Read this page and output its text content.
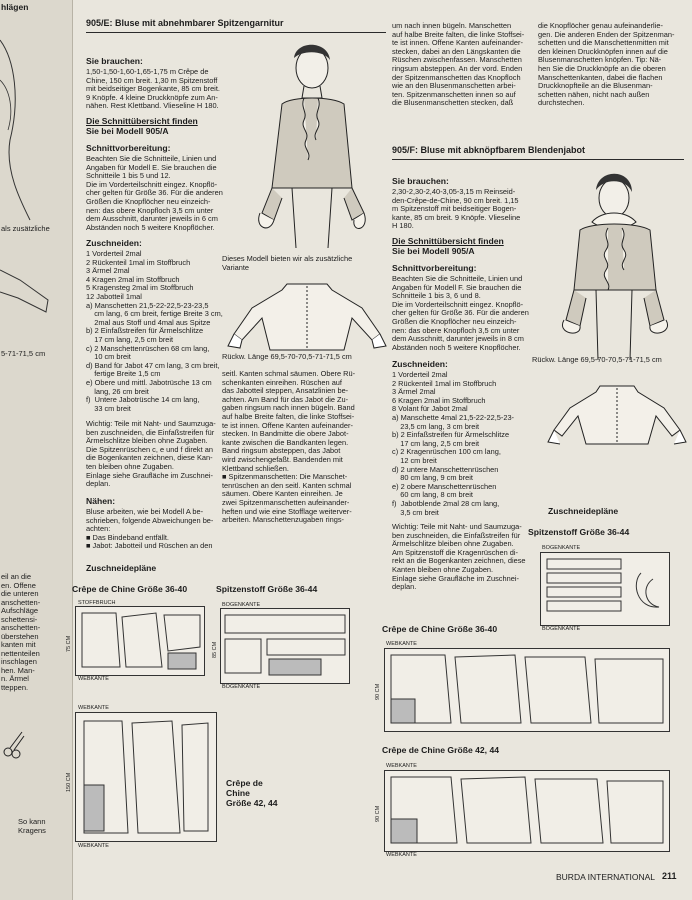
hlägen
als zusätzliche
5-71-71,5 cm
eil an die
en. Offene
die unteren
anschetten-
Aufschläge
schettensi-
anschetten-
überstehen
kanten mit
nettenteilen
inschlagen
hen. Man-
n. Ärmel
tteppen.
So kann
Kragens
905/E: Bluse mit abnehmbarer Spitzengarnitur
Sie brauchen:
1,50-1,50-1,60-1,65-1,75 m Crêpe de
Chine, 150 cm breit. 1,30 m Spitzenstoff
mit beidseitiger Bogenkante, 85 cm breit.
9 Knöpfe. 4 kleine Druckknöpfe zum An-
nähen. Rest Klettband. Vlieseline H 180.
Die Schnittübersicht finden
Sie bei Modell 905/A
Schnittvorbereitung:
Beachten Sie die Schnitteile, Linien und
Angaben für Modell E. Sie brauchen die
Schnitteile 1 bis 5 und 12.
Die im Vorderteilschnitt eingez. Knopflö-
cher gelten für Größe 36. Für die anderen
Größen die Knopflöcher neu einzeich-
nen: das obere Knopfloch 3,5 cm unter
dem Ausschnitt, darunter jeweils in 6 cm
Abständen noch 5 weitere Knopflöcher.
Zuschneiden:
1 Vorderteil 2mal
2 Rückenteil 1mal im Stoffbruch
3 Ärmel 2mal
4 Kragen 2mal im Stoffbruch
5 Kragensteg 2mal im Stoffbruch
12 Jabotteil 1mal
a) Manschetten 21,5-22-22,5-23-23,5
cm lang, 6 cm breit, fertige Breite 3 cm,
2mal aus Stoff und 4mal aus Spitze
b) 2 Einfaßstreifen für Ärmelschlitze
17 cm lang, 2,5 cm breit
c) 2 Manschettenrüschen 68 cm lang,
10 cm breit
d) Band für Jabot 47 cm lang, 3 cm breit,
fertige Breite 1,5 cm
e) Obere und mittl. Jabotrüsche 13 cm
lang, 26 cm breit
f)  Untere Jabotrüsche 14 cm lang,
33 cm breit
Wichtig: Teile mit Naht- und Saumzuga-
ben zuschneiden, die Einfaßstreifen für
Ärmelschlitze bleiben ohne Zugaben.
Die Spitzenrüschen c, e und f direkt an
die Bogenkanten zeichnen, diese Kan-
ten bleiben ohne Zugaben.
Einlage siehe Graufläche im Zuschnei-
deplan.
Nähen:
Bluse arbeiten, wie bei Modell A be-
schrieben, folgende Abweichungen be-
achten:
■ Das Bindeband entfällt.
■ Jabot: Jabotteil und Rüschen an den
Dieses Modell bieten wir als zusätzliche
Variante
Rückw. Länge 69,5-70-70,5-71-71,5 cm
seitl. Kanten schmal säumen. Obere Rü-
schenkanten einreihen. Rüschen auf
das Jabotteil steppen, Ansatzlinien be-
achten. Am Band für das Jabot die Zu-
gaben ringsum nach innen bügeln. Band
auf halbe Breite falten, die linke Stoffsei-
te ist innen. Offene Kanten aufeinander-
stecken. In Bandmitte die obere Jabot-
kante zwischen die Bandkanten legen.
Band ringsum absteppen, das Jabot
wird zwischengefaßt. Bandenden mit
Klettband schließen.
■ Spitzenmanschetten: Die Manschet-
tenrüschen an den seitl. Kanten schmal
säumen. Obere Kanten einreihen. Je
zwei Spitzenmanschetten aufeinander-
heften und wie eine Stofflage weiterver-
arbeiten. Manschettenzugaben rings-
Zuschneidepläne
Crêpe de Chine Größe 36-40	Spitzenstoff Größe 36-44
STOFFBRUCH
WEBKANTE
75 CM
BOGENKANTE
BOGENKANTE
85 CM
WEBKANTE
WEBKANTE
150 CM	Crêpe de
Chine
Größe 42, 44
um nach innen bügeln. Manschetten
auf halbe Breite falten, die linke Stoffsei-
te ist innen. Offene Kanten aufeinander-
stecken, dabei an den Längskanten die
Rüschen zwischenfassen. Manschetten
ringsum absteppen. An der vord. Enden
der Spitzenmanschetten das Knopfloch
wie an den Blusenmanschetten arbei-
ten. Spitzenmanschetten innen so auf
die Blusenmanschetten stecken, daß
die Knopflöcher genau aufeinanderlie-
gen. Die anderen Enden der Spitzenman-
schetten und die Manschettenmitten mit
den kleinen Druckknöpfen innen auf die
Blusenmanschetten knöpfen. Tip: Nä-
hen Sie die Druckknöpfe an die oberen
Manschettenkanten, dabei die flachen
Druckknopfteile an die Blusenman-
schetten nähen, nicht nach außen
durchstechen.
905/F: Bluse mit abknöpfbarem Blendenjabot
Sie brauchen:
2,30-2,30-2,40-3,05-3,15 m Reinseid-
den-Crêpe-de-Chine, 90 cm breit. 1,15
m Spitzenstoff mit beidseitiger Bogen-
kante, 85 cm breit. 9 Knöpfe. Vlieseline
H 180.
Die Schnittübersicht finden
Sie bei Modell 905/A
Schnittvorbereitung:
Beachten Sie die Schnitteile, Linien und
Angaben für Modell F. Sie brauchen die
Schnitteile 1 bis 3, 6 und 8.
Die im Vorderteilschnitt eingez. Knopflö-
cher gelten für Größe 36. Für die anderen
Größen die Knopflöcher neu einzeich-
nen: das obere Knopfloch 3,5 cm unter
dem Ausschnitt, darunter jeweils in 8 cm
Abständen noch 5 weitere Knopflöcher.
Zuschneiden:
1 Vorderteil 2mal
2 Rückenteil 1mal im Stoffbruch
3 Ärmel 2mal
6 Kragen 2mal im Stoffbruch
8 Volant für Jabot 2mal
a) Manschette 4mal 21,5-22-22,5-23-
23,5 cm lang, 3 cm breit
b) 2 Einfaßstreifen für Ärmelschlitze
17 cm lang, 2,5 cm breit
c) 2 Kragenrüschen 100 cm lang,
12 cm breit
d) 2 untere Manschettenrüschen
80 cm lang, 9 cm breit
e) 2 obere Manschettenrüschen
60 cm lang, 8 cm breit
f)  Jabotblende 2mal 28 cm lang,
3,5 cm breit
Wichtig: Teile mit Naht- und Saumzuga-
ben zuschneiden, die Einfaßstreifen für
Ärmelschlitze bleiben ohne Zugaben.
Am Spitzenstoff die Kragenrüschen di-
rekt an die Bogenkanten zeichnen, diese
Kanten bleiben ohne Zugaben.
Einlage siehe Graufläche im Zuschnei-
deplan.
Rückw. Länge 69,5-70-70,5-71-71,5 cm
Zuschneidepläne
Spitzenstoff Größe 36-44
BOGENKANTE
BOGENKANTE
Crêpe de Chine Größe 36-40
WEBKANTE
90 CM
Crêpe de Chine Größe 42, 44
WEBKANTE
WEBKANTE
90 CM
BURDA INTERNATIONAL 211
